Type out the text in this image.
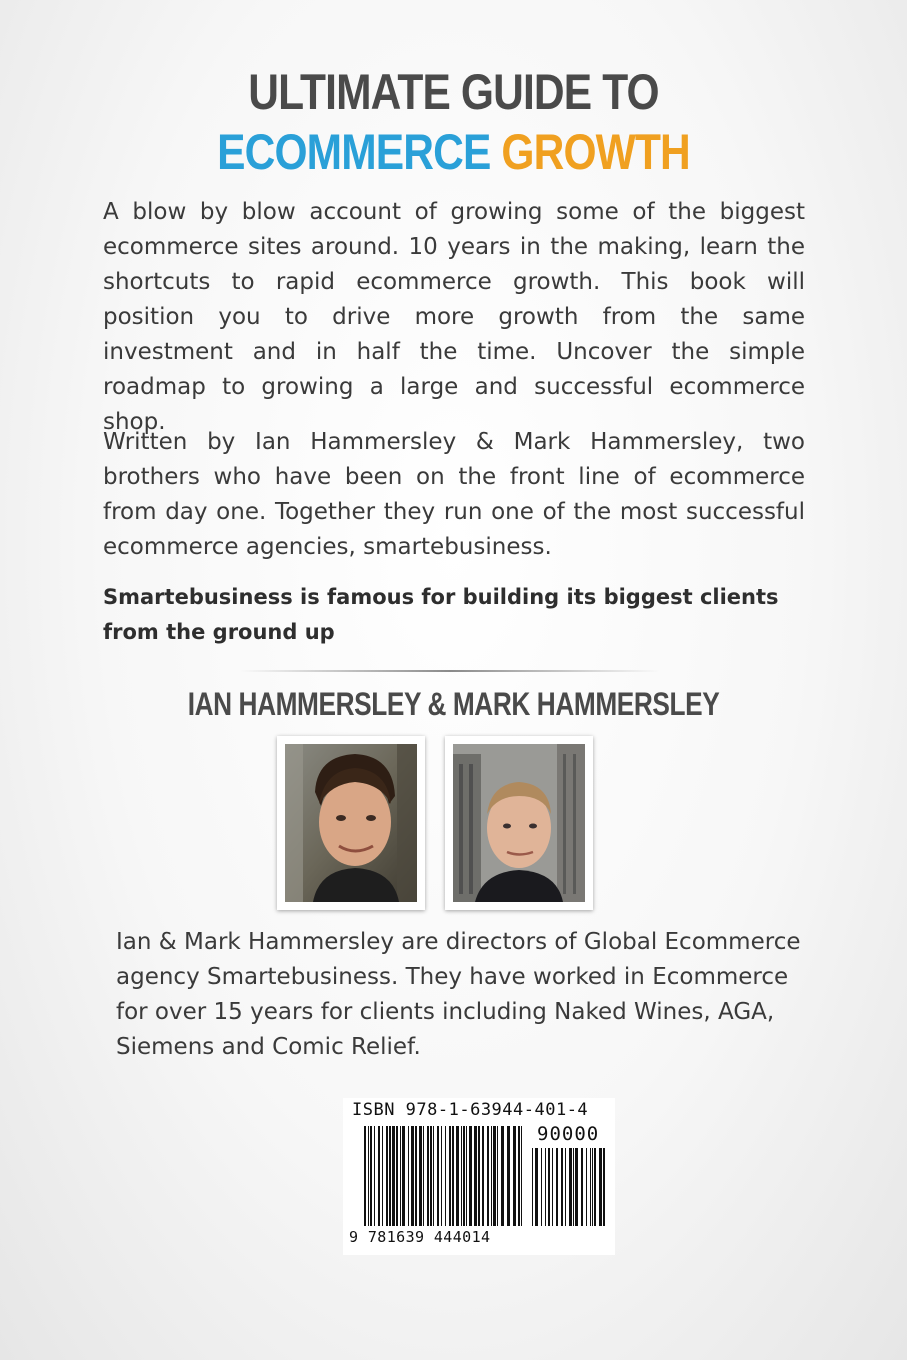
ULTIMATE GUIDE TO
ECOMMERCE GROWTH

A blow by blow account of growing some of the biggest ecommerce sites around. 10 years in the making, learn the shortcuts to rapid ecommerce growth. This book will position you to drive more growth from the same investment and in half the time. Uncover the simple roadmap to growing a large and successful ecommerce shop.

Written by Ian Hammersley & Mark Hammersley, two brothers who have been on the front line of ecommerce from day one. Together they run one of the most successful ecommerce agencies, smartebusiness.

Smartebusiness is famous for building its biggest clients from the ground up

IAN HAMMERSLEY & MARK HAMMERSLEY

Ian & Mark Hammersley are directors of Global Ecommerce agency Smartebusiness. They have worked in Ecommerce for over 15 years for clients including Naked Wines, AGA, Siemens and Comic Relief.

ISBN 978-1-63944-401-4
90000
9 781639 444014
